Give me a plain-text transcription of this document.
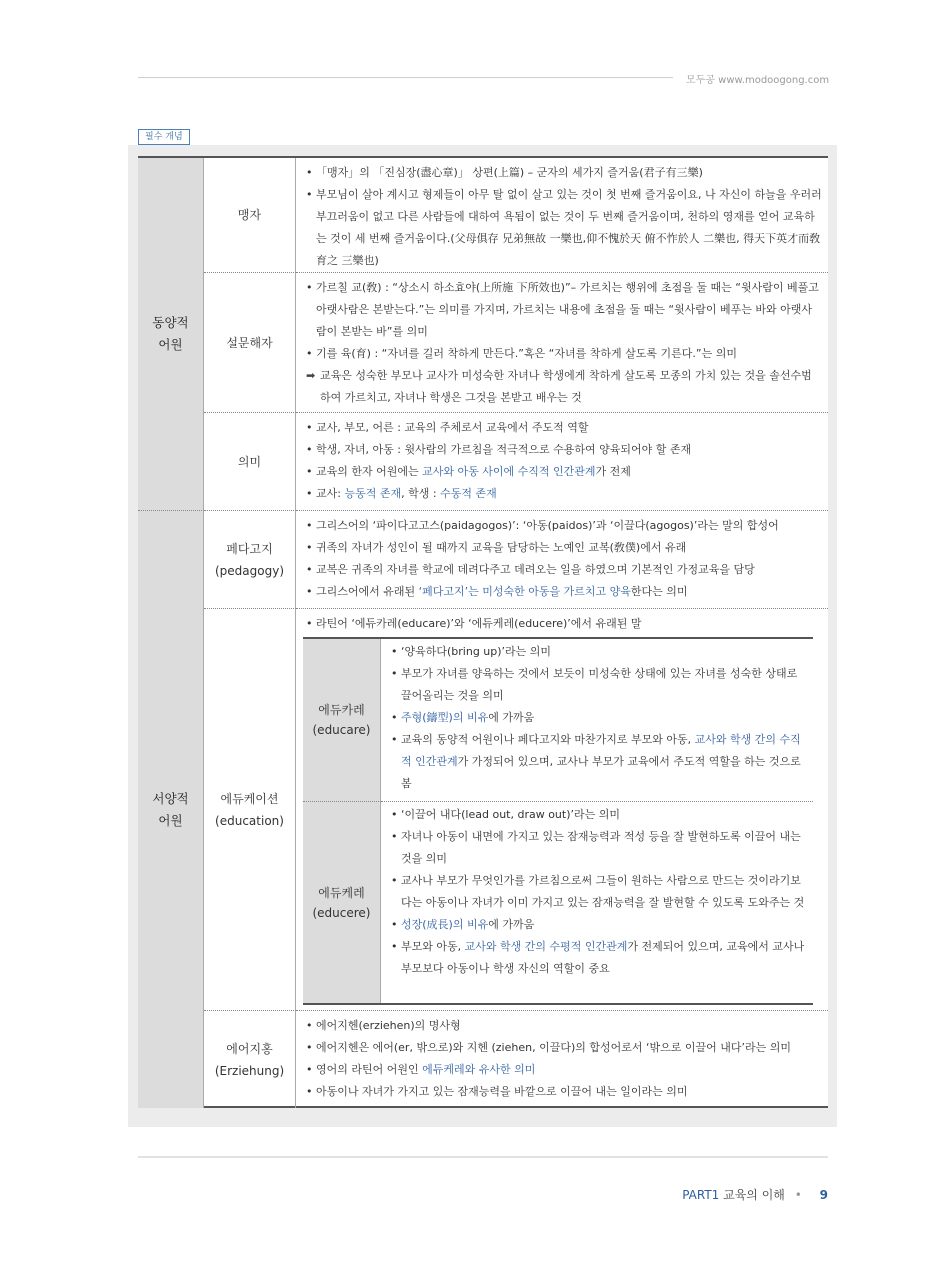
모두공 www.modoogong.com
필수 개념
동양적
어원
맹자

• 「맹자」의 「진심장(盡心章)」 상편(上篇) – 군자의 세가지 즐거움(君子有三樂)

• 부모님이 살아 계시고 형제들이 아무 탈 없이 살고 있는 것이 첫 번째 즐거움이요, 나 자신이 하늘을 우러러 부끄러움이 없고 다른 사람들에 대하여 욕됨이 없는 것이 두 번째 즐거움이며, 천하의 영재를 얻어 교육하는 것이 세 번째 즐거움이다.(父母俱存 兄弟無故 一樂也,仰不愧於天 俯不怍於人 二樂也, 得天下英才而敎育之 三樂也)

설문해자

• 가르칠 교(敎) : “상소시 하소효야(上所施 下所效也)”– 가르치는 행위에 초점을 둘 때는 “윗사람이 베풀고 아랫사람은 본받는다.”는 의미를 가지며, 가르치는 내용에 초점을 둘 때는 “윗사람이 베푸는 바와 아랫사람이 본받는 바”를 의미

• 기를 육(育) : “자녀를 길러 착하게 만든다.”혹은 “자녀를 착하게 살도록 기른다.”는 의미

➡ 교육은 성숙한 부모나 교사가 미성숙한 자녀나 학생에게 착하게 살도록 모종의 가치 있는 것을 솔선수범하여 가르치고, 자녀나 학생은 그것을 본받고 배우는 것

의미

• 교사, 부모, 어른 : 교육의 주체로서 교육에서 주도적 역할

• 학생, 자녀, 아동 : 윗사람의 가르침을 적극적으로 수용하여 양육되어야 할 존재

• 교육의 한자 어원에는 교사와 아동 사이에 수직적 인간관계가 전제

• 교사: 능동적 존재, 학생 : 수동적 존재

서양적
어원
페다고지
(pedagogy)

• 그리스어의 ‘파이다고고스(paidagogos)’: ‘아동(paidos)’과 ‘이끌다(agogos)’라는 말의 합성어

• 귀족의 자녀가 성인이 될 때까지 교육을 담당하는 노예인 교복(敎僕)에서 유래

• 교복은 귀족의 자녀를 학교에 데려다주고 데려오는 일을 하였으며 기본적인 가정교육을 담당

• 그리스어에서 유래된 ‘페다고지’는 미성숙한 아동을 가르치고 양육한다는 의미

에듀케이션
(education)

• 라틴어 ‘에듀카레(educare)’와 ‘에듀케레(educere)’에서 유래된 말

에듀카레
(educare)

• ‘양육하다(bring up)’라는 의미

• 부모가 자녀를 양육하는 것에서 보듯이 미성숙한 상태에 있는 자녀를 성숙한 상태로 끌어올리는 것을 의미

• 주형(鑄型)의 비유에 가까움

• 교육의 동양적 어원이나 페다고지와 마찬가지로 부모와 아동, 교사와 학생 간의 수직적 인간관계가 가정되어 있으며, 교사나 부모가 교육에서 주도적 역할을 하는 것으로 봄

에듀케레
(educere)

• ‘이끌어 내다(lead out, draw out)’라는 의미

• 자녀나 아동이 내면에 가지고 있는 잠재능력과 적성 등을 잘 발현하도록 이끌어 내는 것을 의미

• 교사나 부모가 무엇인가를 가르침으로써 그들이 원하는 사람으로 만드는 것이라기보다는 아동이나 자녀가 이미 가지고 있는 잠재능력을 잘 발현할 수 있도록 도와주는 것

• 성장(成長)의 비유에 가까움

• 부모와 아동, 교사와 학생 간의 수평적 인간관계가 전제되어 있으며, 교육에서 교사나 부모보다 아동이나 학생 자신의 역할이 중요

에어지홍
(Erziehung)

• 에어지헨(erziehen)의 명사형

• 에어지헨은 에어(er, 밖으로)와 지헨 (ziehen, 이끌다)의 합성어로서 ‘밖으로 이끌어 내다’라는 의미

• 영어의 라틴어 어원인 에듀케레와 유사한 의미

• 아동이나 자녀가 가지고 있는 잠재능력을 바깥으로 이끌어 내는 일이라는 의미

PART1 교육의 이해 • 9
